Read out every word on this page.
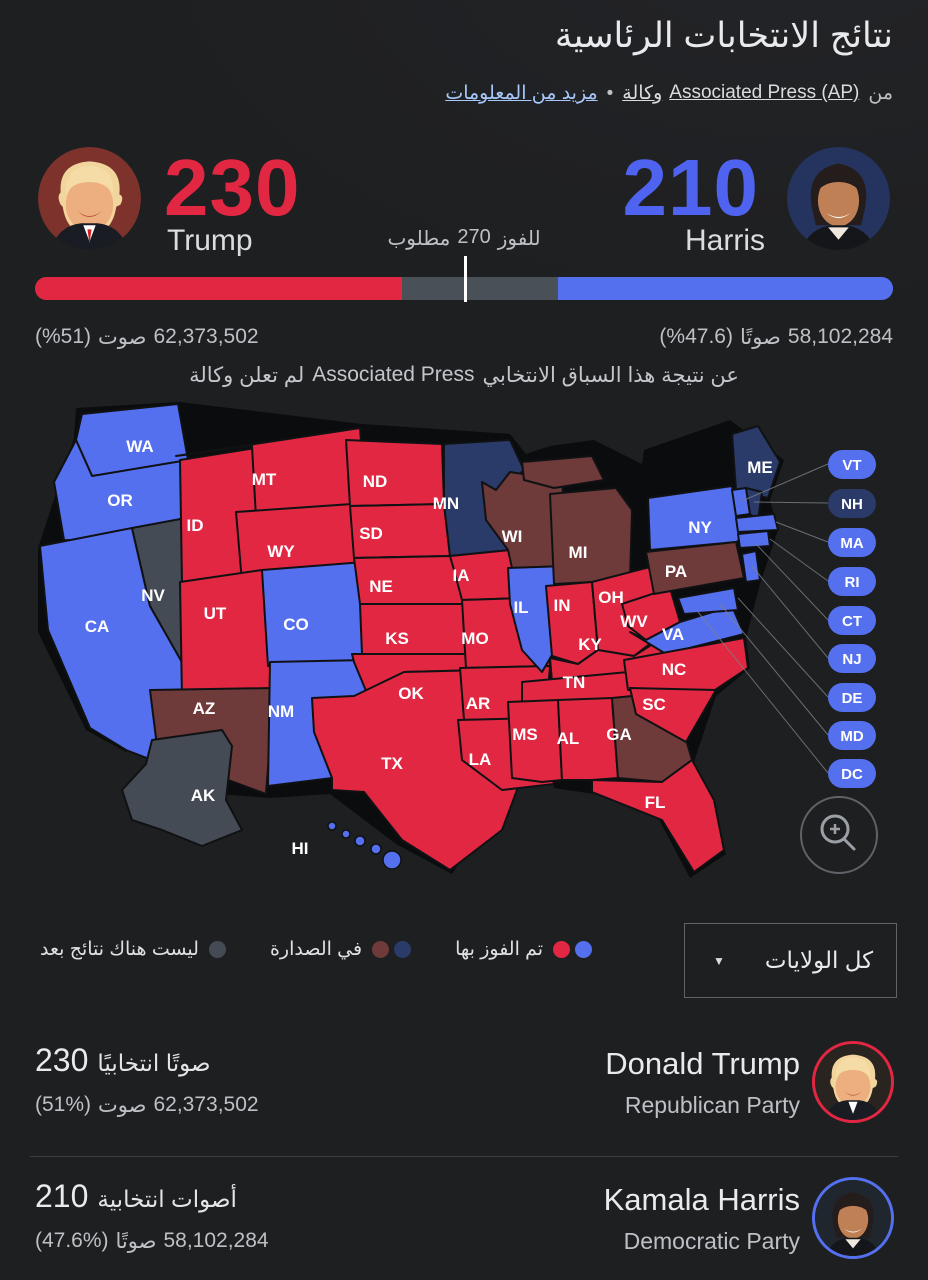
نتائج الانتخابات الرئاسية
مزيد من المعلومات • وكالة Associated Press (AP) من
230
Trump
210
Harris
مطلوب 270 للفوز
(%51) صوت 62,373,502	(%47.6) صوتًا 58,102,284
لم تعلن وكالة Associated Press عن نتيجة هذا السباق الانتخابي
WA
OR
CA
NV
ID
MT
WY
UT
CO
AZ	NM
ND
SD
NE
KS
OK
TX
MN
IA
MO
AR
LA
WI
IL
MI
IN OH
KY
TN
MS AL GA
WV
VA
NC
SC
FL
NY
PA
ME
AK
HI
VT
NH
MA
RI
CT
NJ
DE
MD
DC
ليست هناك نتائج بعد	في الصدارة	تم الفوز بها
▼ كل الولايات
230 صوتًا انتخابيًا
(51%) صوت 62,373,502
Donald Trump
Republican Party
210 أصوات انتخابية
(47.6%) صوتًا 58,102,284
Kamala Harris
Democratic Party
